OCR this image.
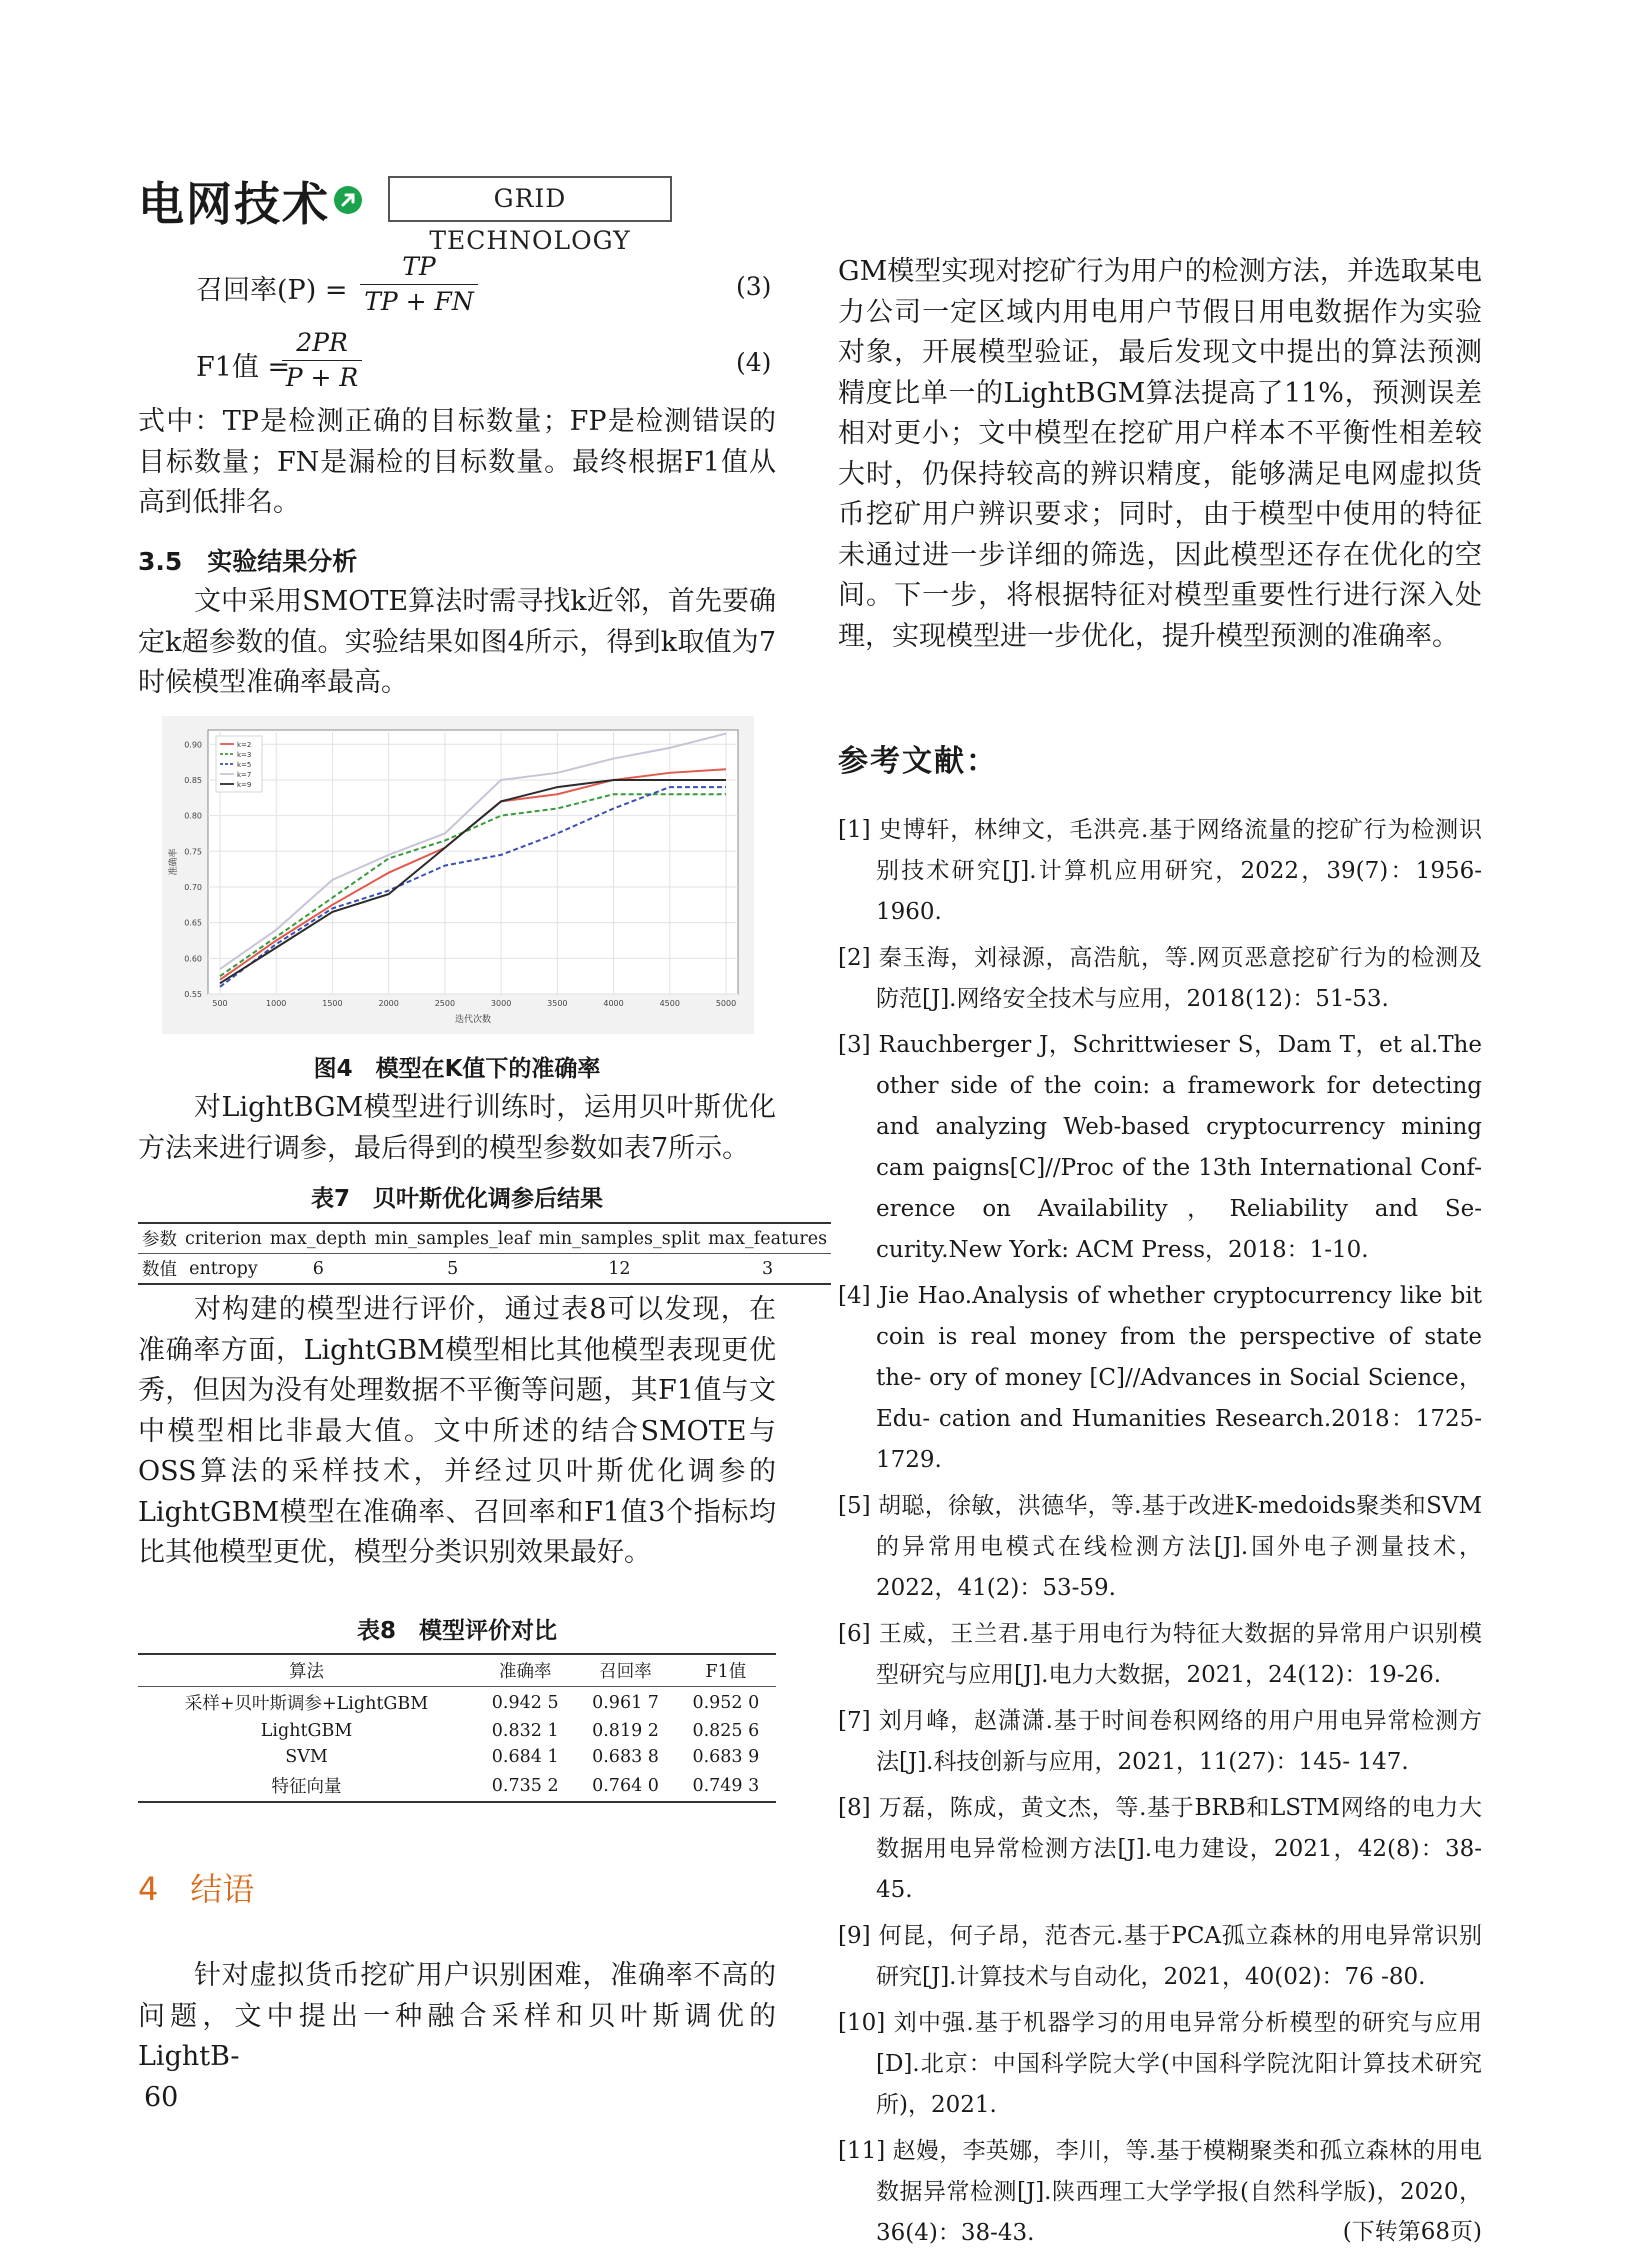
电网技术	GRID TECHNOLOGY
召回率(P) =
TP
TP + FN
(3)
F1值 =
2PR
P + R
(4)

式中：TP是检测正确的目标数量；FP是检测错误的目标数量；FN是漏检的目标数量。最终根据F1值从高到低排名。

3.5　实验结果分析

文中采用SMOTE算法时需寻找k近邻，首先要确定k超参数的值。实验结果如图4所示，得到k取值为7时候模型准确率最高。

0.55
0.60
0.65
0.70
0.75
0.80
0.85
0.90
500	1000	1500	2000	2500	3000	3500	4000	4500	5000
迭代次数
准确率
k=2
k=3
k=5
k=7
k=9
图4　模型在K值下的准确率

对LightBGM模型进行训练时，运用贝叶斯优化方法来进行调参，最后得到的模型参数如表7所示。

表7　贝叶斯优化调参后结果
参数	criterion	max_depth	min_samples_leaf	min_samples_split	max_features
数值	entropy	6	5	12	3

对构建的模型进行评价，通过表8可以发现，在准确率方面，LightGBM模型相比其他模型表现更优秀，但因为没有处理数据不平衡等问题，其F1值与文中模型相比非最大值。文中所述的结合SMOTE与OSS算法的采样技术，并经过贝叶斯优化调参的LightGBM模型在准确率、召回率和F1值3个指标均比其他模型更优，模型分类识别效果最好。

表8　模型评价对比
算法	准确率	召回率	F1值
采样+贝叶斯调参+LightGBM	0.942 5	0.961 7	0.952 0
LightGBM	0.832 1	0.819 2	0.825 6
SVM	0.684 1	0.683 8	0.683 9
特征向量	0.735 2	0.764 0	0.749 3
4　结语

针对虚拟货币挖矿用户识别困难，准确率不高的问题，文中提出一种融合采样和贝叶斯调优的LightB-

GM模型实现对挖矿行为用户的检测方法，并选取某电力公司一定区域内用电用户节假日用电数据作为实验对象，开展模型验证，最后发现文中提出的算法预测精度比单一的LightBGM算法提高了11%，预测误差相对更小；文中模型在挖矿用户样本不平衡性相差较大时，仍保持较高的辨识精度，能够满足电网虚拟货币挖矿用户辨识要求；同时，由于模型中使用的特征未通过进一步详细的筛选，因此模型还存在优化的空间。下一步，将根据特征对模型重要性行进行深入处理，实现模型进一步优化，提升模型预测的准确率。

参考文献：

[1] 史博轩，林绅文，毛洪亮.基于网络流量的挖矿行为检测识别技术研究[J].计算机应用研究，2022，39(7)：1956-1960.

[2] 秦玉海，刘禄源，高浩航，等.网页恶意挖矿行为的检测及防范[J].网络安全技术与应用，2018(12)：51-53.

[3] Rauchberger J，Schrittwieser S，Dam T，et al.The other side of the coin: a framework for detecting and analyzing Web-based cryptocurrency mining cam paigns[C]//Proc of the 13th International Conf-erence on Availability，Reliability and Se-curity.New York: ACM Press，2018：1-10.

[4] Jie Hao.Analysis of whether cryptocurrency like bit coin is real money from the perspective of state the- ory of money [C]//Advances in Social Science，Edu- cation and Humanities Research.2018：1725-1729.

[5] 胡聪，徐敏，洪德华，等.基于改进K-medoids聚类和SVM的异常用电模式在线检测方法[J].国外电子测量技术，2022，41(2)：53-59.

[6] 王威，王兰君.基于用电行为特征大数据的异常用户识别模型研究与应用[J].电力大数据，2021，24(12)：19-26.

[7] 刘月峰，赵潇潇.基于时间卷积网络的用户用电异常检测方法[J].科技创新与应用，2021，11(27)：145- 147.

[8] 万磊，陈成，黄文杰，等.基于BRB和LSTM网络的电力大数据用电异常检测方法[J].电力建设，2021，42(8)：38-45.

[9] 何昆，何子昂，范杏元.基于PCA孤立森林的用电异常识别研究[J].计算技术与自动化，2021，40(02)：76 -80.

[10] 刘中强.基于机器学习的用电异常分析模型的研究与应用[D].北京：中国科学院大学(中国科学院沈阳计算技术研究所)，2021.

[11] 赵嫚，李英娜，李川，等.基于模糊聚类和孤立森林的用电数据异常检测[J].陕西理工大学学报(自然科学版)，2020，36(4)：38-43.	(下转第68页)
60
